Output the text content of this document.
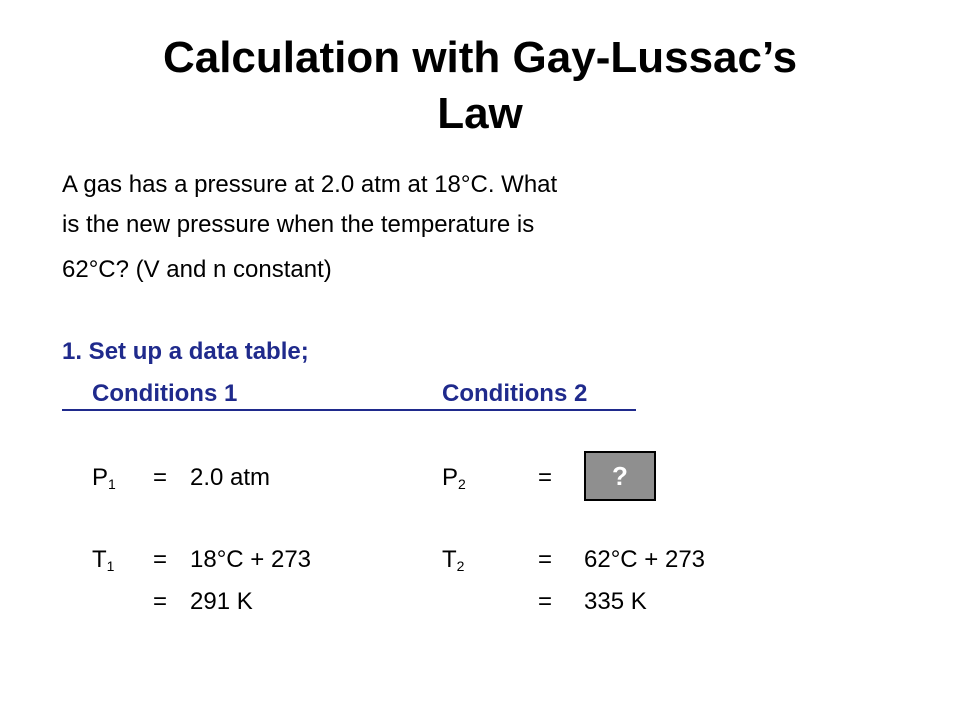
Calculation with Gay-Lussac’s
Law
A gas has a pressure at 2.0 atm at 18°C. What
is the new pressure when the temperature is
62°C? (V and n constant)
1. Set up a data table;
Conditions 1	Conditions 2
$P_1 = 2.0$ atm	$P_2$	=	?
$T_1 = 18^\circ C + 273$	$T_2$	= 62°C + 273
= 291 K	= 335 K
